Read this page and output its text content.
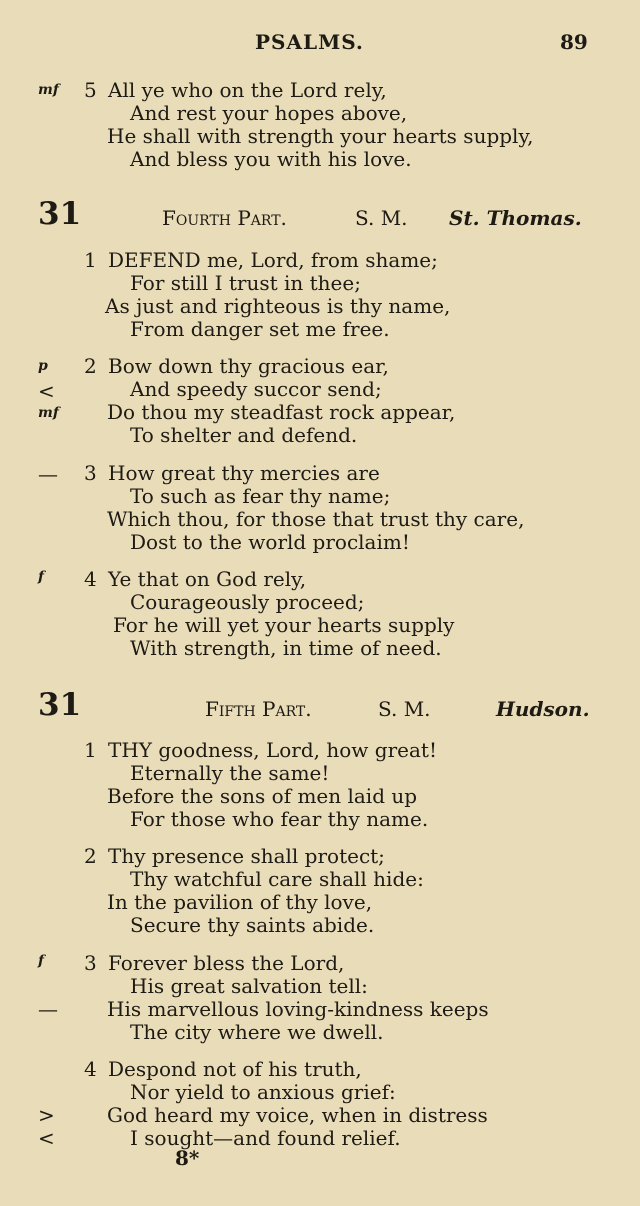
PSALMS.	89
mf 5 All ye who on the Lord rely,
And rest your hopes above,
He shall with strength your hearts supply,
And bless you with his love.
31	Fourth Part.	S. M. St. Thomas.
1 DEFEND me, Lord, from shame;
For still I trust in thee;
As just and righteous is thy name,
From danger set me free.
p
<
mf
2 Bow down thy gracious ear,
And speedy succor send;
Do thou my steadfast rock appear,
To shelter and defend.
— 3 How great thy mercies are
To such as fear thy name;
Which thou, for those that trust thy care,
Dost to the world proclaim!
f 4 Ye that on God rely,
Courageously proceed;
For he will yet your hearts supply
With strength, in time of need.
31	Fifth Part.	S. M.	Hudson.
1 THY goodness, Lord, how great!
Eternally the same!
Before the sons of men laid up
For those who fear thy name.
2 Thy presence shall protect;
Thy watchful care shall hide:
In the pavilion of thy love,
Secure thy saints abide.
f
—
3 Forever bless the Lord,
His great salvation tell:
His marvellous loving-kindness keeps
The city where we dwell.
4 Despond not of his truth,
Nor yield to anxious grief:
>	God heard my voice, when in distress
<	I sought—and found relief.
8*
